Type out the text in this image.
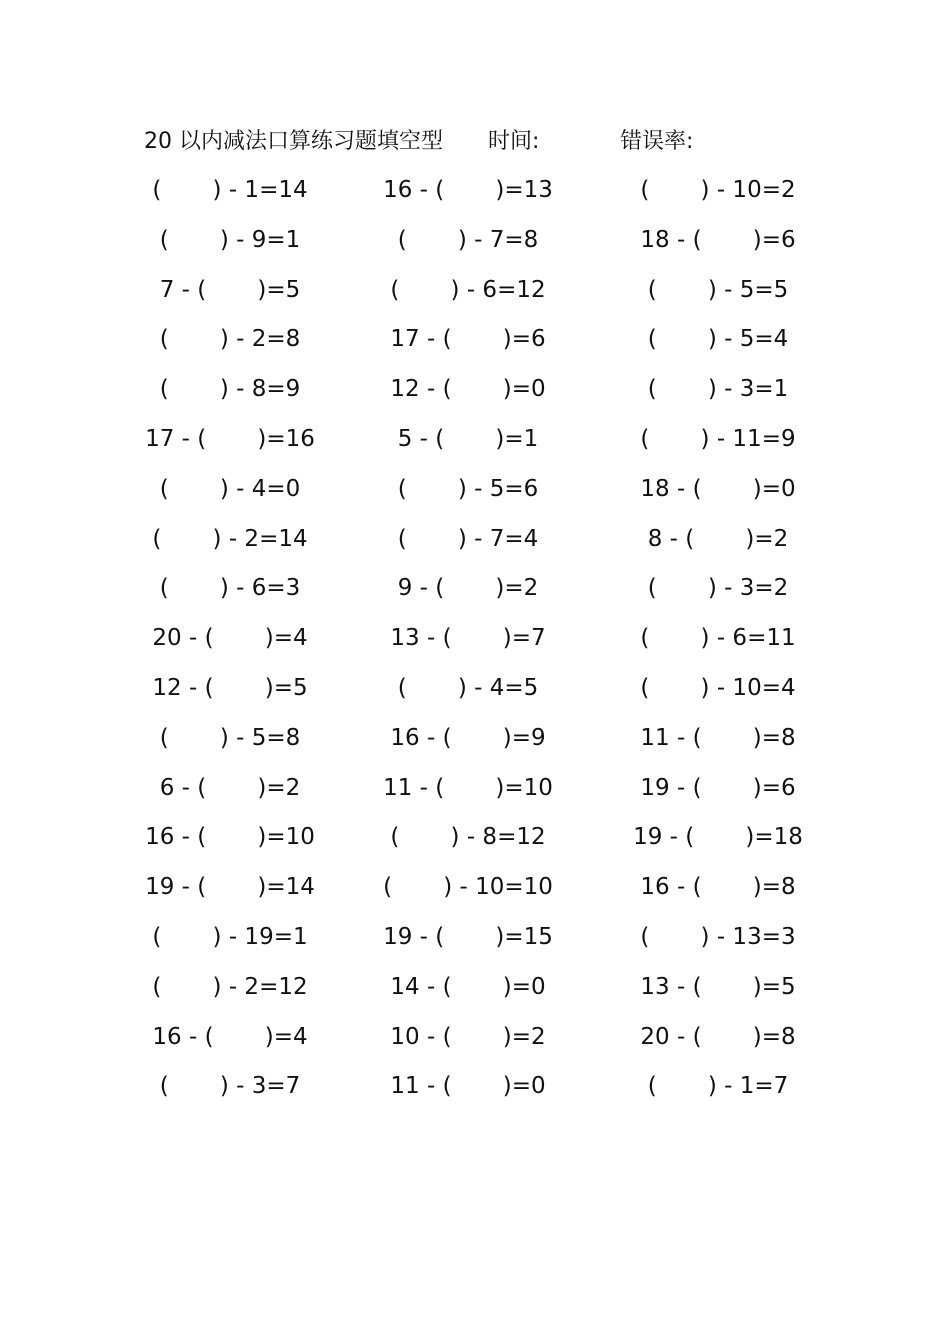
20 以内减法口算练习题填空型 时间:	错误率:
(       ) - 1=14	16 - (       )=13	(       ) - 10=2
(       ) - 9=1	(       ) - 7=8	18 - (       )=6
7 - (       )=5	(       ) - 6=12	(       ) - 5=5
(       ) - 2=8	17 - (       )=6	(       ) - 5=4
(       ) - 8=9	12 - (       )=0	(       ) - 3=1
17 - (       )=16	5 - (       )=1	(       ) - 11=9
(       ) - 4=0	(       ) - 5=6	18 - (       )=0
(       ) - 2=14	(       ) - 7=4	8 - (       )=2
(       ) - 6=3	9 - (       )=2	(       ) - 3=2
20 - (       )=4	13 - (       )=7	(       ) - 6=11
12 - (       )=5	(       ) - 4=5	(       ) - 10=4
(       ) - 5=8	16 - (       )=9	11 - (       )=8
6 - (       )=2	11 - (       )=10	19 - (       )=6
16 - (       )=10	(       ) - 8=12	19 - (       )=18
19 - (       )=14	(       ) - 10=10	16 - (       )=8
(       ) - 19=1	19 - (       )=15	(       ) - 13=3
(       ) - 2=12	14 - (       )=0	13 - (       )=5
16 - (       )=4	10 - (       )=2	20 - (       )=8
(       ) - 3=7	11 - (       )=0	(       ) - 1=7
